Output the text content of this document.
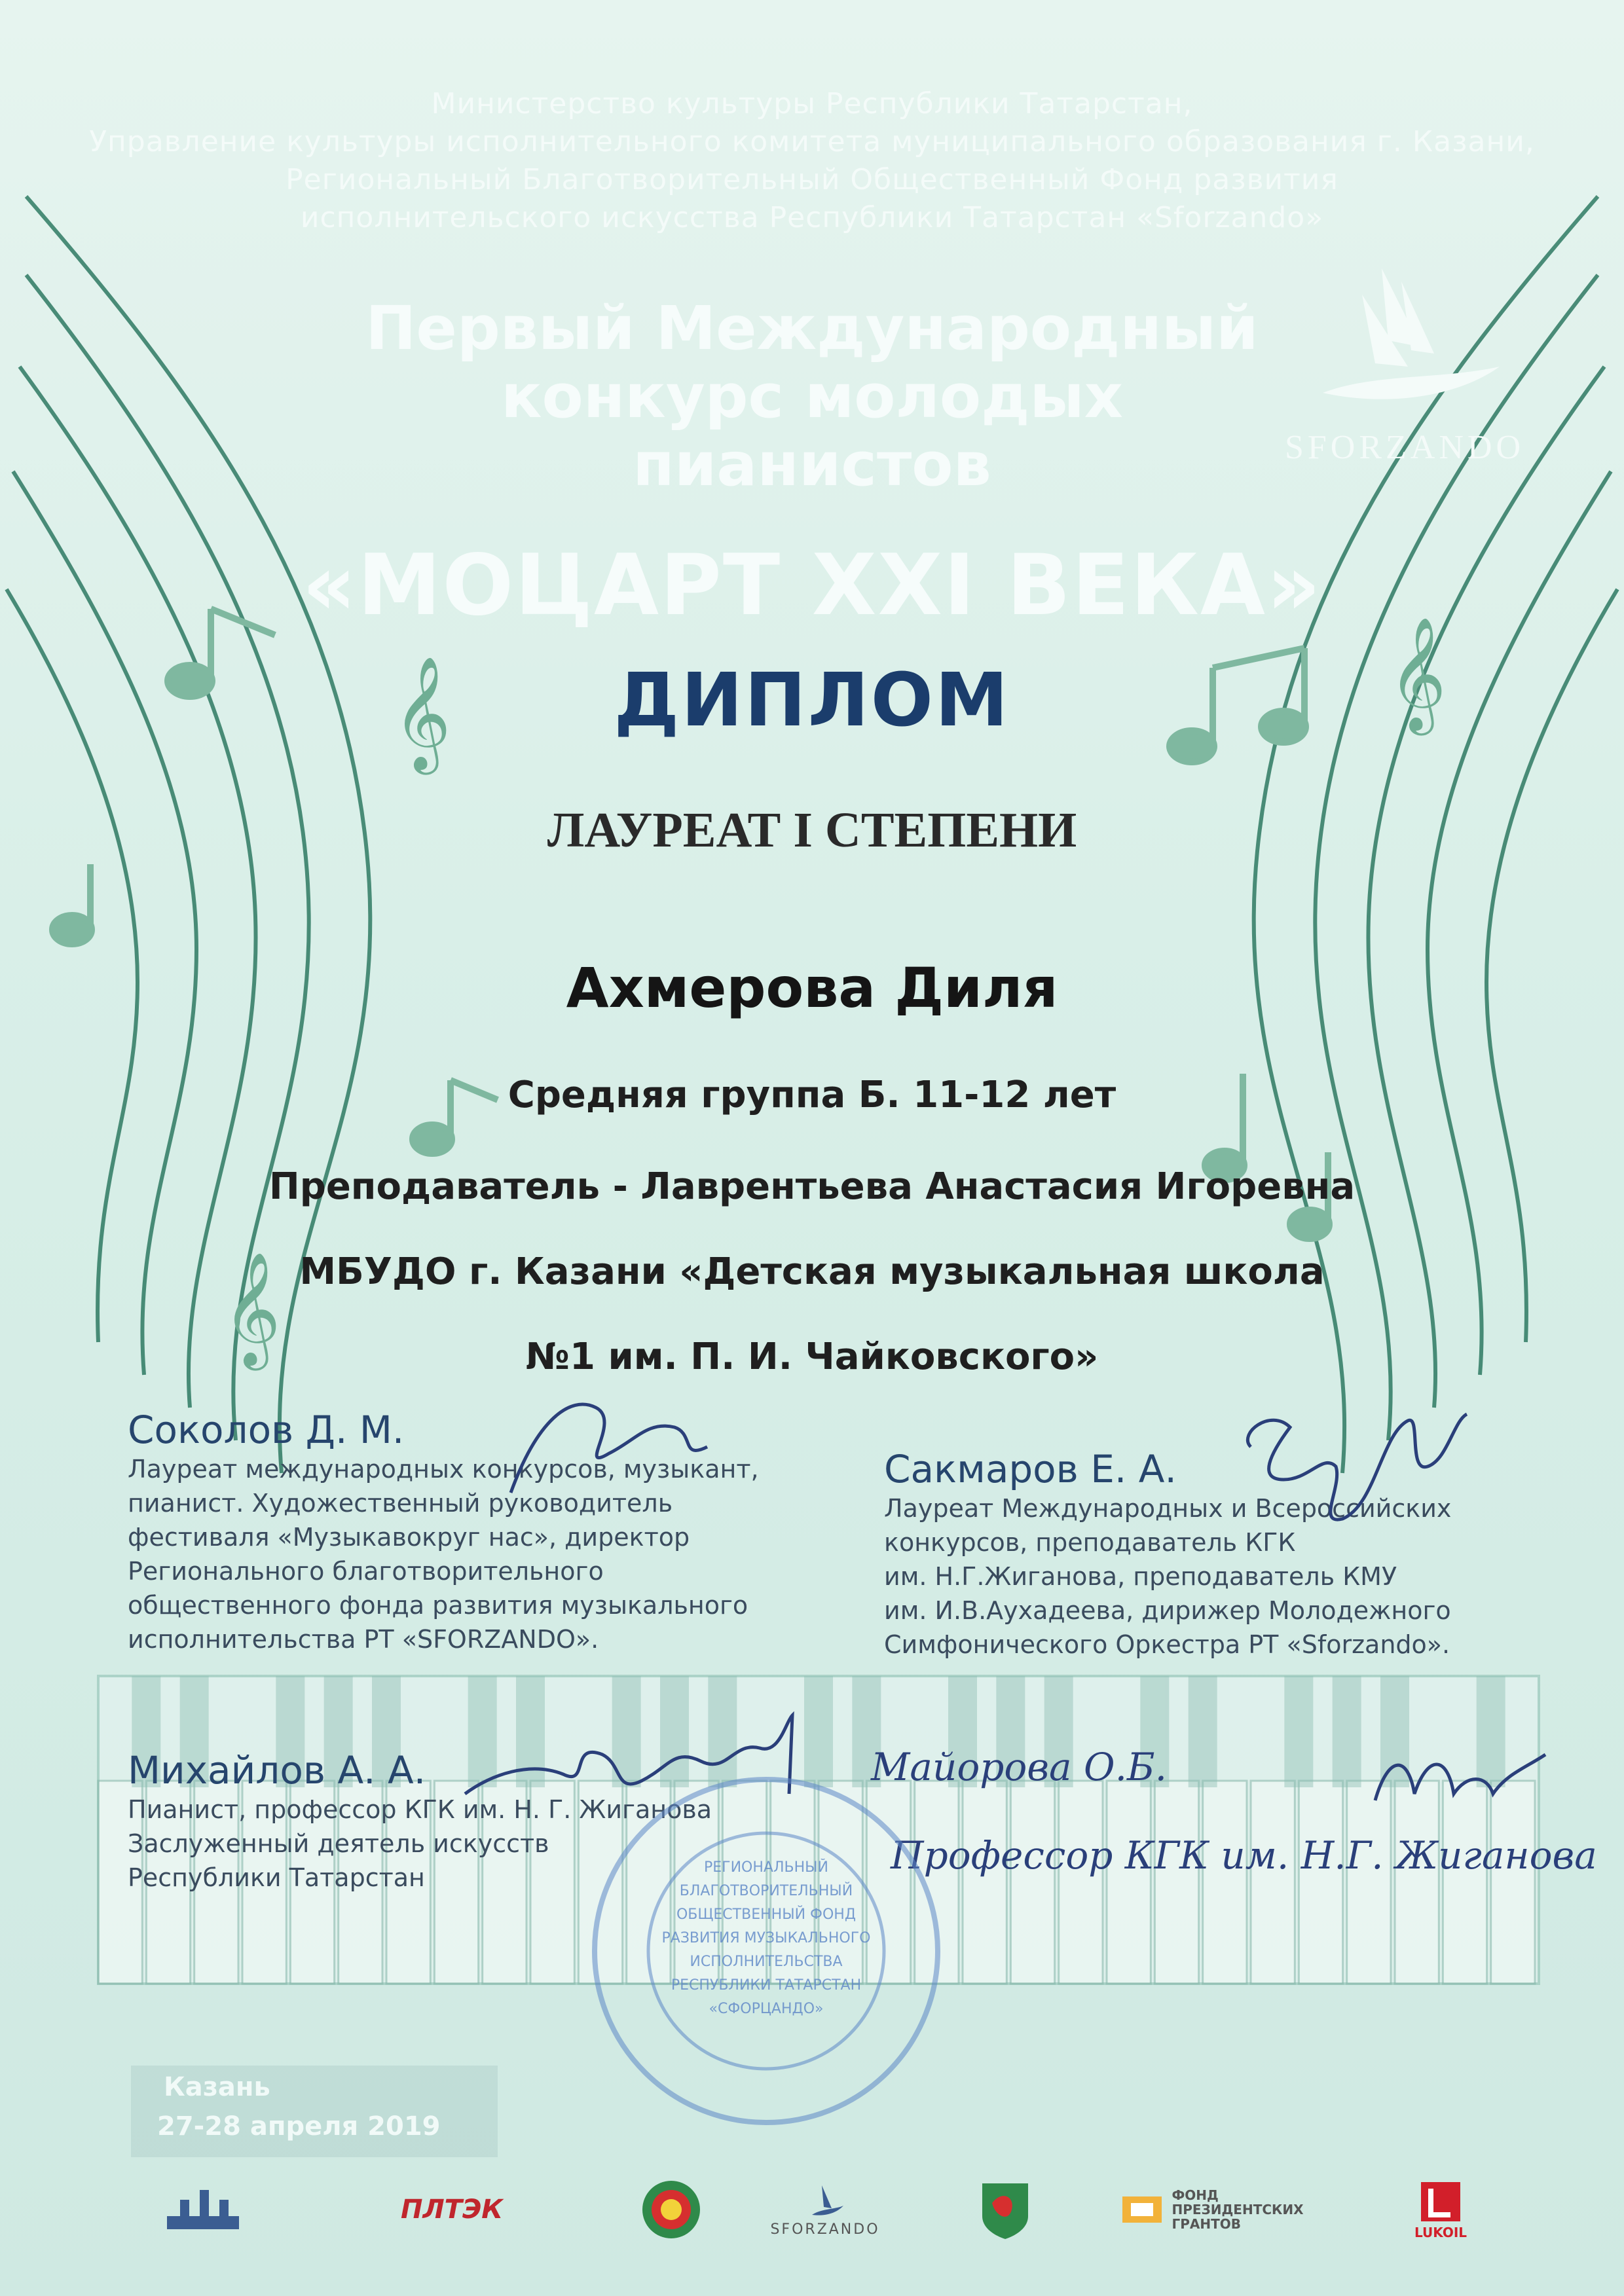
𝄞	𝄞
𝄞
Министерство культуры Республики Татарстан,
Управление культуры исполнительного комитета муниципального образования г. Казани,
Региональный Благотворительный Общественный Фонд развития
исполнительского искусства Республики Татарстан «Sforzando»
SFORZANDO
Первый Международный
конкурс молодых
пианистов
«МОЦАРТ XXI ВЕКА»
ДИПЛОМ
ЛАУРЕАТ I СТЕПЕНИ
Ахмерова Диля
Средняя группа Б. 11-12 лет
Преподаватель - Лаврентьева Анастасия Игоревна
МБУДО г. Казани «Детская музыкальная школа
№1 им. П. И. Чайковского»
Соколов Д. М.
Лауреат международных конкурсов, музыкант,
пианист. Художественный руководитель
фестиваля «Музыкавокруг нас», директор
Регионального благотворительного
общественного фонда развития музыкального
исполнительства РТ «SFORZANDO».
Сакмаров Е. А.
Лауреат Международных и Всероссийских
конкурсов, преподаватель КГК
им. Н.Г.Жиганова, преподаватель КМУ
им. И.В.Аухадеева, дирижер Молодежного
Симфонического Оркестра РТ «Sforzando».
Михайлов А. А.
Пианист, профессор КГК им. Н. Г. Жиганова
Заслуженный деятель искусств
Республики Татарстан
Майорова О.Б.
Профессор КГК им. Н.Г. Жиганова
РЕГИОНАЛЬНЫЙ
БЛАГОТВОРИТЕЛЬНЫЙ
ОБЩЕСТВЕННЫЙ ФОНД
РАЗВИТИЯ МУЗЫКАЛЬНОГО
ИСПОЛНИТЕЛЬСТВА
РЕСПУБЛИКИ ТАТАРСТАН
«СФОРЦАНДО»
Казань
27-28 апреля 2019
ПЛТЭК
SFORZANDO
ФОНД
ПРЕЗИДЕНТСКИХ
ГРАНТОВ
LUKOIL
